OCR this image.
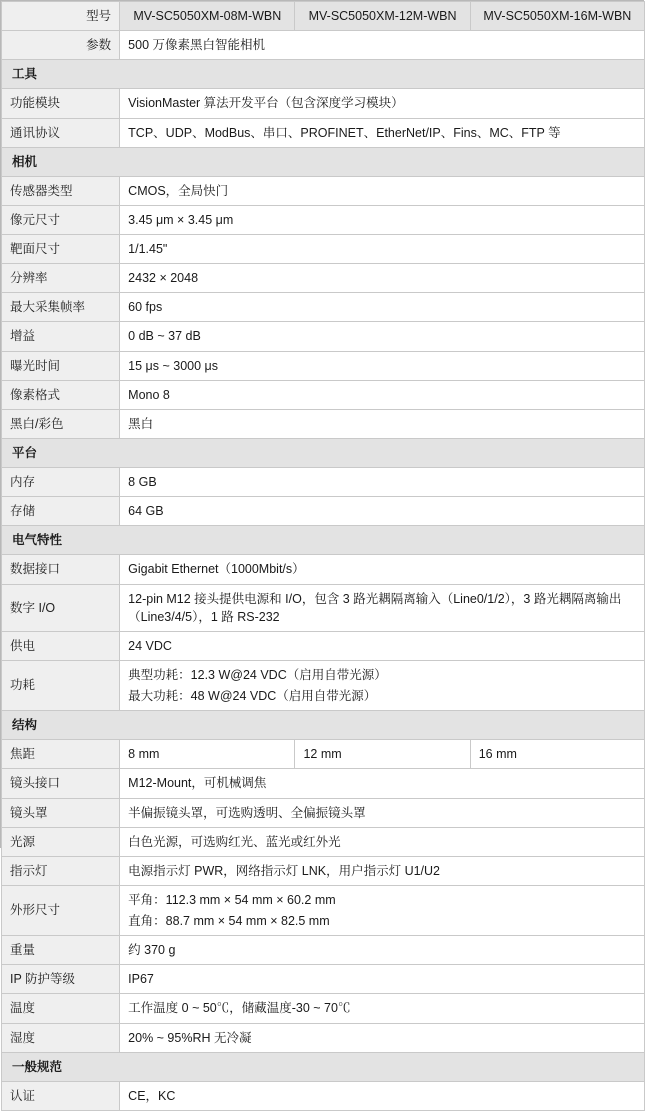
型号	MV-SC5050XM-08M-WBN	MV-SC5050XM-12M-WBN	MV-SC5050XM-16M-WBN
参数	500 万像素黑白智能相机		
工具			
功能模块	VisionMaster 算法开发平台（包含深度学习模块）		
通讯协议	TCP、UDP、ModBus、串口、PROFINET、EtherNet/IP、Fins、MC、FTP 等		
相机			
传感器类型	CMOS，全局快门		
像元尺寸	3.45 μm × 3.45 μm		
靶面尺寸	1/1.45"		
分辨率	2432 × 2048		
最大采集帧率	60 fps		
增益	0 dB ~ 37 dB		
曝光时间	15 μs ~ 3000 μs		
像素格式	Mono 8		
黑白/彩色	黑白		
平台			
内存	8 GB		
存储	64 GB		
电气特性			
数据接口	Gigabit Ethernet（1000Mbit/s）		
数字 I/O	12-pin M12 接头提供电源和 I/O，包含 3 路光耦隔离输入（Line0/1/2），3 路光耦隔离输出（Line3/4/5），1 路 RS-232		
供电	24 VDC		
功耗	典型功耗：12.3 W@24 VDC（启用自带光源）
最大功耗：48 W@24 VDC（启用自带光源）		

结构			
焦距	8 mm	12 mm	16 mm
镜头接口	M12-Mount，可机械调焦		
镜头罩	半偏振镜头罩，可选购透明、全偏振镜头罩		
光源	白色光源，可选购红光、蓝光或红外光		
指示灯	电源指示灯 PWR，网络指示灯 LNK，用户指示灯 U1/U2		
外形尺寸	平角：112.3 mm × 54 mm × 60.2 mm
直角：88.7 mm × 54 mm × 82.5 mm		

重量	约 370 g		
IP 防护等级	IP67		
温度	工作温度 0 ~ 50℃，储藏温度-30 ~ 70℃		
湿度	20% ~ 95%RH 无冷凝		
一般规范			
认证	CE，KC		
